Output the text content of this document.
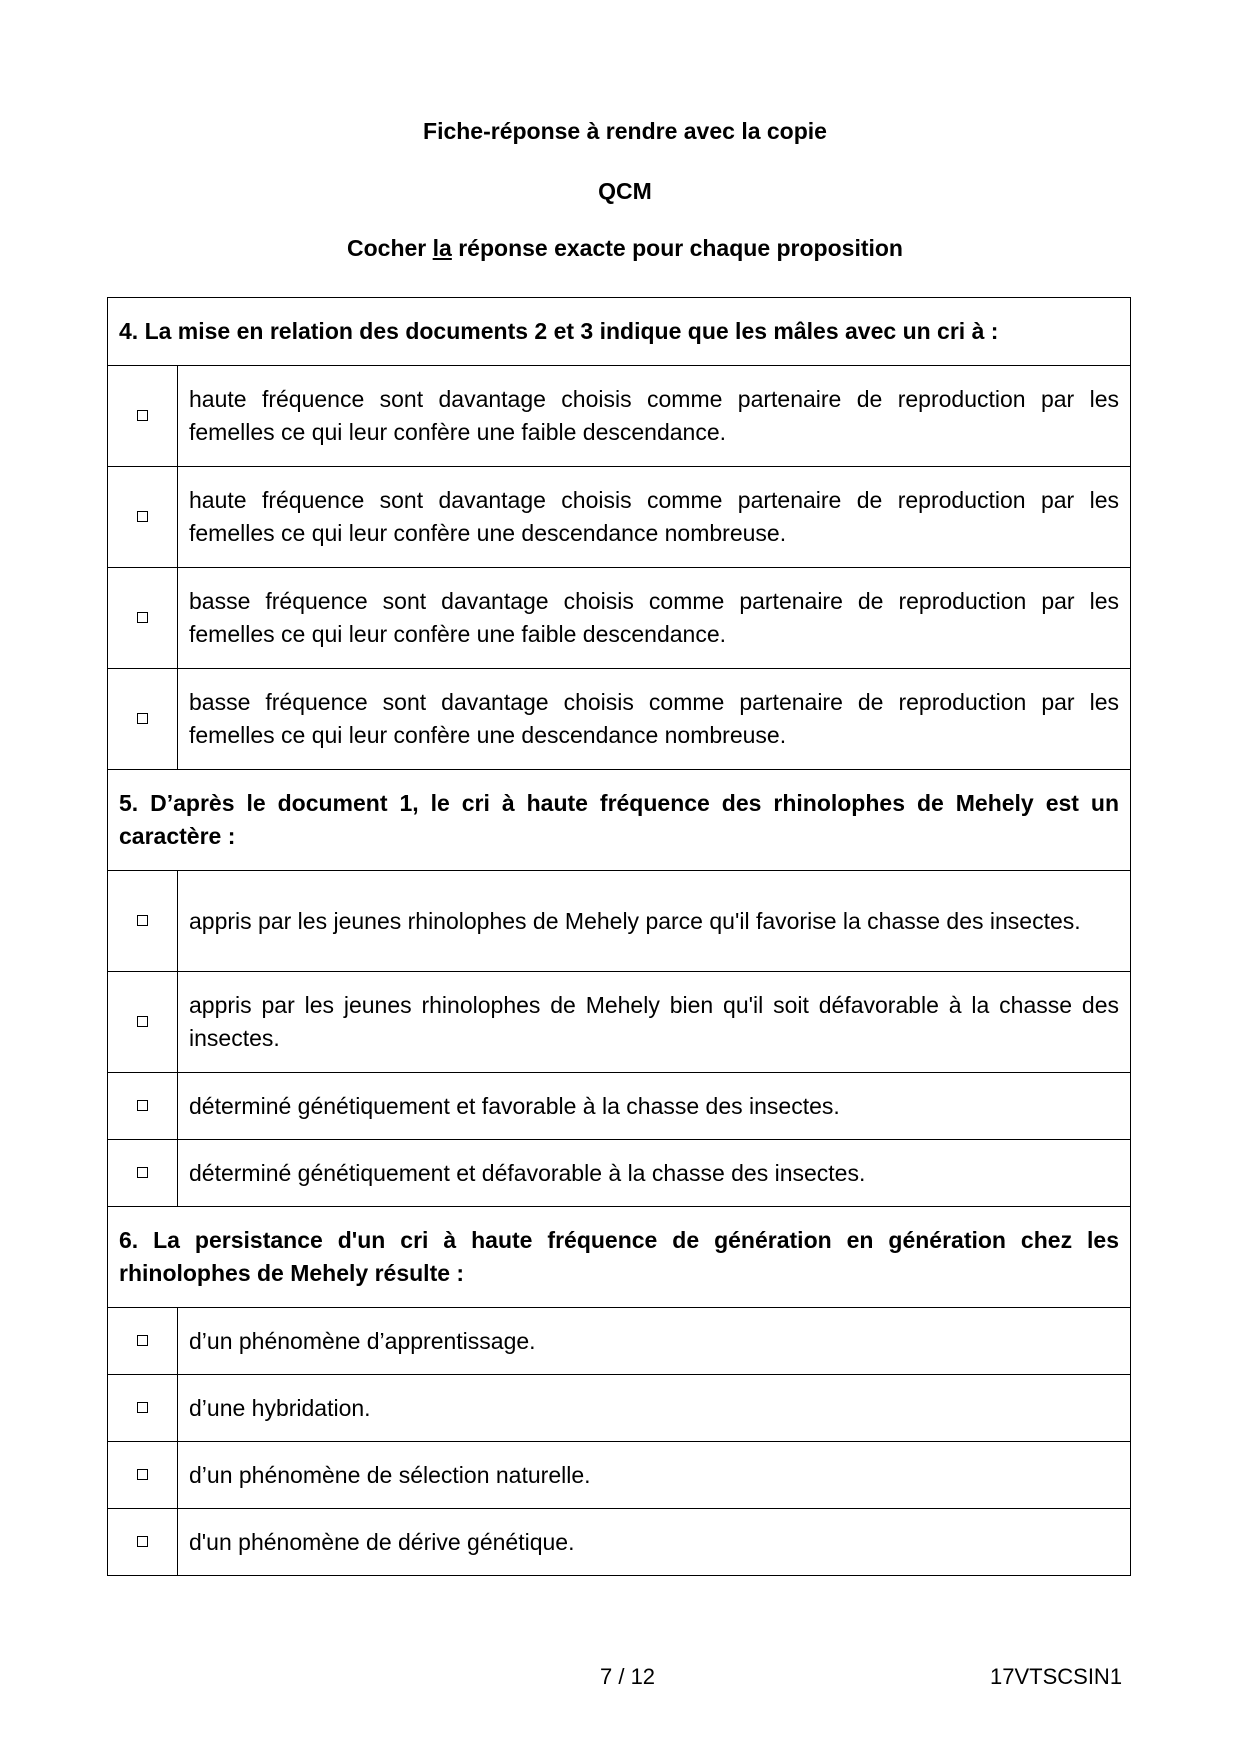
Fiche-réponse à rendre avec la copie
QCM
Cocher la réponse exacte pour chaque proposition
4. La mise en relation des documents 2 et 3 indique que les mâles avec un cri à :	
	haute fréquence sont davantage choisis comme partenaire de reproduction par les femelles ce qui leur confère une faible descendance.
	haute fréquence sont davantage choisis comme partenaire de reproduction par les femelles ce qui leur confère une descendance nombreuse.
	basse fréquence sont davantage choisis comme partenaire de reproduction par les femelles ce qui leur confère une faible descendance.
	basse fréquence sont davantage choisis comme partenaire de reproduction par les femelles ce qui leur confère une descendance nombreuse.
5. D’après le document 1, le cri à haute fréquence des rhinolophes de Mehely est un caractère :	
	appris par les jeunes rhinolophes de Mehely parce qu'il favorise la chasse des insectes.
	appris par les jeunes rhinolophes de Mehely bien qu'il soit défavorable à la chasse des insectes.
	déterminé génétiquement et favorable à la chasse des insectes.
	déterminé génétiquement et défavorable à la chasse des insectes.
6. La persistance d'un cri à haute fréquence de génération en génération chez les rhinolophes de Mehely résulte :	
	d’un phénomène d’apprentissage.
	d’une hybridation.
	d’un phénomène de sélection naturelle.
	d'un phénomène de dérive génétique.
7 / 12	17VTSCSIN1
